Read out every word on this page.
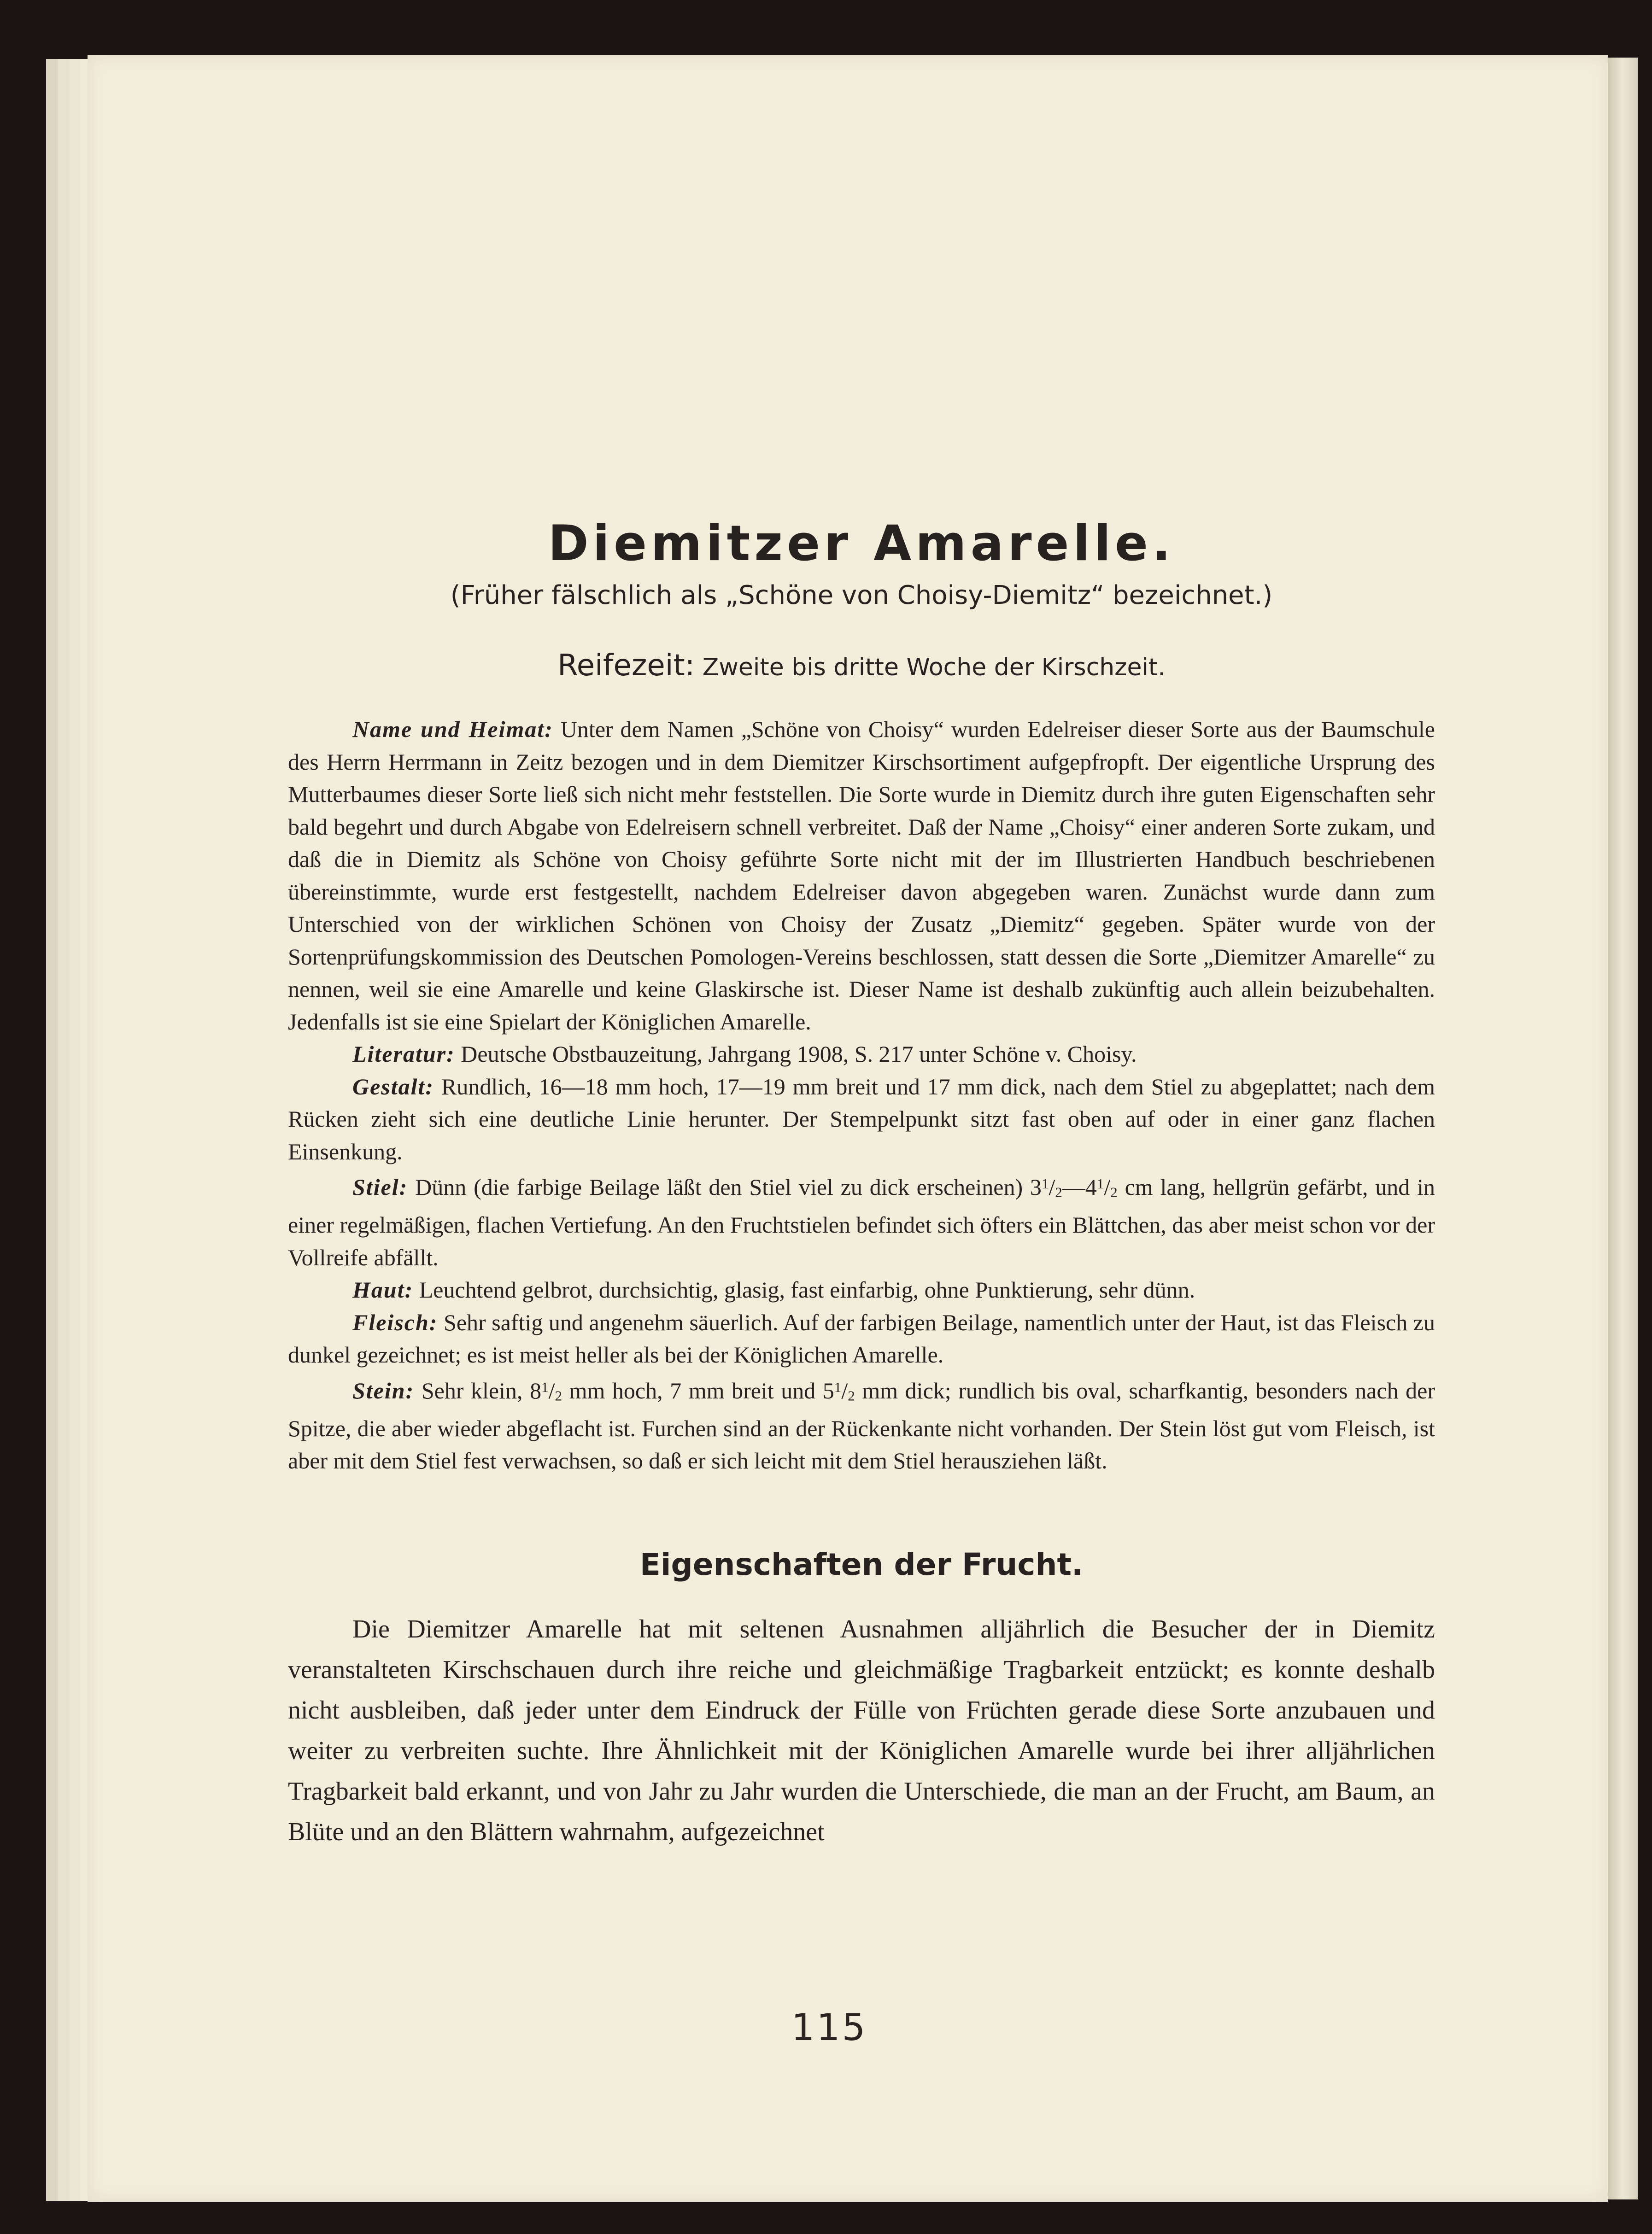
Diemitzer Amarelle.
(Früher fälschlich als „Schöne von Choisy-Diemitz“ bezeichnet.)
Reifezeit: Zweite bis dritte Woche der Kirschzeit.

Name und Heimat: Unter dem Namen „Schöne von Choisy“ wurden Edelreiser dieser Sorte aus der Baumschule des Herrn Herrmann in Zeitz bezogen und in dem Diemitzer Kirschsortiment aufgepfropft. Der eigentliche Ursprung des Mutterbaumes dieser Sorte ließ sich nicht mehr feststellen. Die Sorte wurde in Diemitz durch ihre guten Eigenschaften sehr bald begehrt und durch Abgabe von Edelreisern schnell verbreitet. Daß der Name „Choisy“ einer anderen Sorte zukam, und daß die in Diemitz als Schöne von Choisy geführte Sorte nicht mit der im Illustrierten Handbuch beschriebenen übereinstimmte, wurde erst festgestellt, nachdem Edelreiser davon abgegeben waren. Zunächst wurde dann zum Unterschied von der wirklichen Schönen von Choisy der Zusatz „Diemitz“ gegeben. Später wurde von der Sortenprüfungskommission des Deutschen Pomologen-Vereins beschlossen, statt dessen die Sorte „Diemitzer Amarelle“ zu nennen, weil sie eine Amarelle und keine Glaskirsche ist. Dieser Name ist deshalb zukünftig auch allein beizubehalten. Jedenfalls ist sie eine Spielart der Königlichen Amarelle.

Literatur: Deutsche Obstbauzeitung, Jahrgang 1908, S. 217 unter Schöne v. Choisy.

Gestalt: Rundlich, 16—18 mm hoch, 17—19 mm breit und 17 mm dick, nach dem Stiel zu abgeplattet; nach dem Rücken zieht sich eine deutliche Linie herunter. Der Stempelpunkt sitzt fast oben auf oder in einer ganz flachen Einsenkung.

Stiel: Dünn (die farbige Beilage läßt den Stiel viel zu dick erscheinen) $3^1/_2—4^1/_2$ cm lang, hellgrün gefärbt, und in einer regelmäßigen, flachen Vertiefung. An den Fruchtstielen befindet sich öfters ein Blättchen, das aber meist schon vor der Vollreife abfällt.

Haut: Leuchtend gelbrot, durchsichtig, glasig, fast einfarbig, ohne Punktierung, sehr dünn.

Fleisch: Sehr saftig und angenehm säuerlich. Auf der farbigen Beilage, namentlich unter der Haut, ist das Fleisch zu dunkel gezeichnet; es ist meist heller als bei der Königlichen Amarelle.

Stein: Sehr klein, $8^1/_2$ mm hoch, 7 mm breit und $5^1/_2$ mm dick; rundlich bis oval, scharfkantig, besonders nach der Spitze, die aber wieder abgeflacht ist. Furchen sind an der Rückenkante nicht vorhanden. Der Stein löst gut vom Fleisch, ist aber mit dem Stiel fest verwachsen, so daß er sich leicht mit dem Stiel herausziehen läßt.

Eigenschaften der Frucht.

Die Diemitzer Amarelle hat mit seltenen Ausnahmen alljährlich die Besucher der in Diemitz veranstalteten Kirschschauen durch ihre reiche und gleichmäßige Tragbarkeit entzückt; es konnte deshalb nicht ausbleiben, daß jeder unter dem Eindruck der Fülle von Früchten gerade diese Sorte anzubauen und weiter zu verbreiten suchte. Ihre Ähnlichkeit mit der Königlichen Amarelle wurde bei ihrer alljährlichen Tragbarkeit bald erkannt, und von Jahr zu Jahr wurden die Unterschiede, die man an der Frucht, am Baum, an Blüte und an den Blättern wahrnahm, aufgezeichnet

115
